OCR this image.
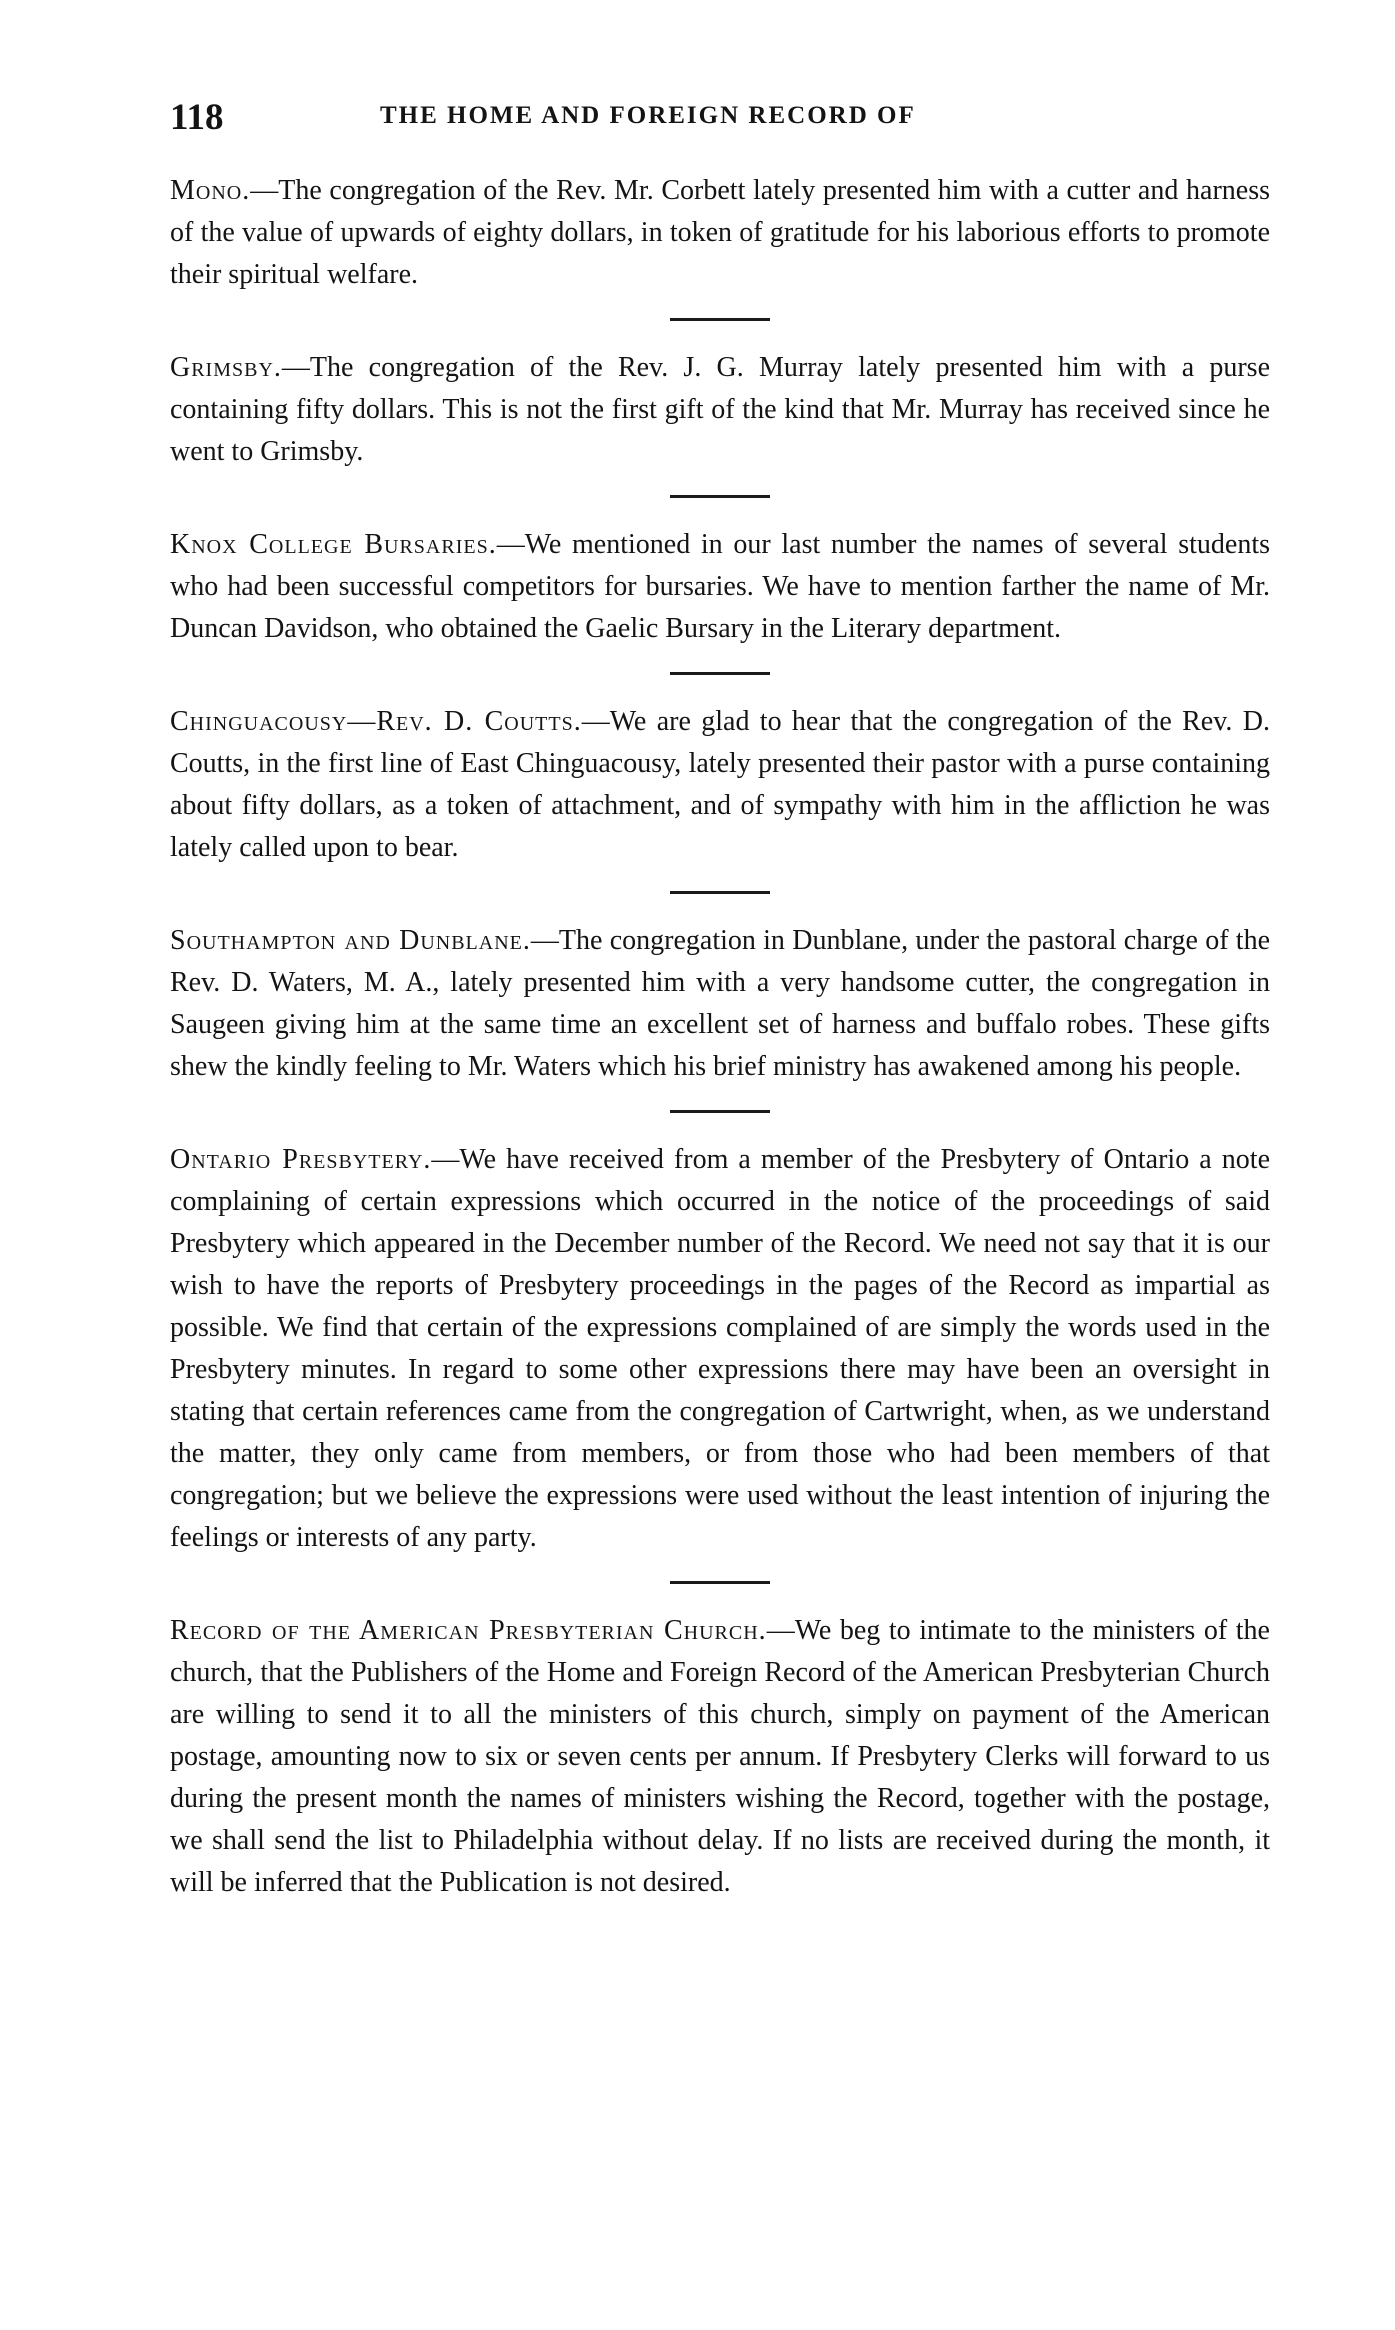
118	THE HOME AND FOREIGN RECORD OF

Mono.—The congregation of the Rev. Mr. Corbett lately presented him with a cutter and harness of the value of upwards of eighty dollars, in token of gratitude for his laborious efforts to promote their spiritual welfare.

Grimsby.—The congregation of the Rev. J. G. Murray lately presented him with a purse containing fifty dollars. This is not the first gift of the kind that Mr. Murray has received since he went to Grimsby.

Knox College Bursaries.—We mentioned in our last number the names of several students who had been successful competitors for bursaries. We have to mention farther the name of Mr. Duncan Davidson, who obtained the Gaelic Bursary in the Literary department.

Chinguacousy—Rev. D. Coutts.—We are glad to hear that the congregation of the Rev. D. Coutts, in the first line of East Chinguacousy, lately presented their pastor with a purse containing about fifty dollars, as a token of attachment, and of sympathy with him in the affliction he was lately called upon to bear.

Southampton and Dunblane.—The congregation in Dunblane, under the pastoral charge of the Rev. D. Waters, M. A., lately presented him with a very handsome cutter, the congregation in Saugeen giving him at the same time an excellent set of harness and buffalo robes. These gifts shew the kindly feeling to Mr. Waters which his brief ministry has awakened among his people.

Ontario Presbytery.—We have received from a member of the Presbytery of Ontario a note complaining of certain expressions which occurred in the notice of the proceedings of said Presbytery which appeared in the December number of the Record. We need not say that it is our wish to have the reports of Presbytery proceedings in the pages of the Record as impartial as possible. We find that certain of the expressions complained of are simply the words used in the Presbytery minutes. In regard to some other expressions there may have been an oversight in stating that certain references came from the congregation of Cartwright, when, as we understand the matter, they only came from members, or from those who had been members of that congregation; but we believe the expressions were used without the least intention of injuring the feelings or interests of any party.

Record of the American Presbyterian Church.—We beg to intimate to the ministers of the church, that the Publishers of the Home and Foreign Record of the American Presbyterian Church are willing to send it to all the ministers of this church, simply on payment of the American postage, amounting now to six or seven cents per annum. If Presbytery Clerks will forward to us during the present month the names of ministers wishing the Record, together with the postage, we shall send the list to Philadelphia without delay. If no lists are received during the month, it will be inferred that the Publication is not desired.
